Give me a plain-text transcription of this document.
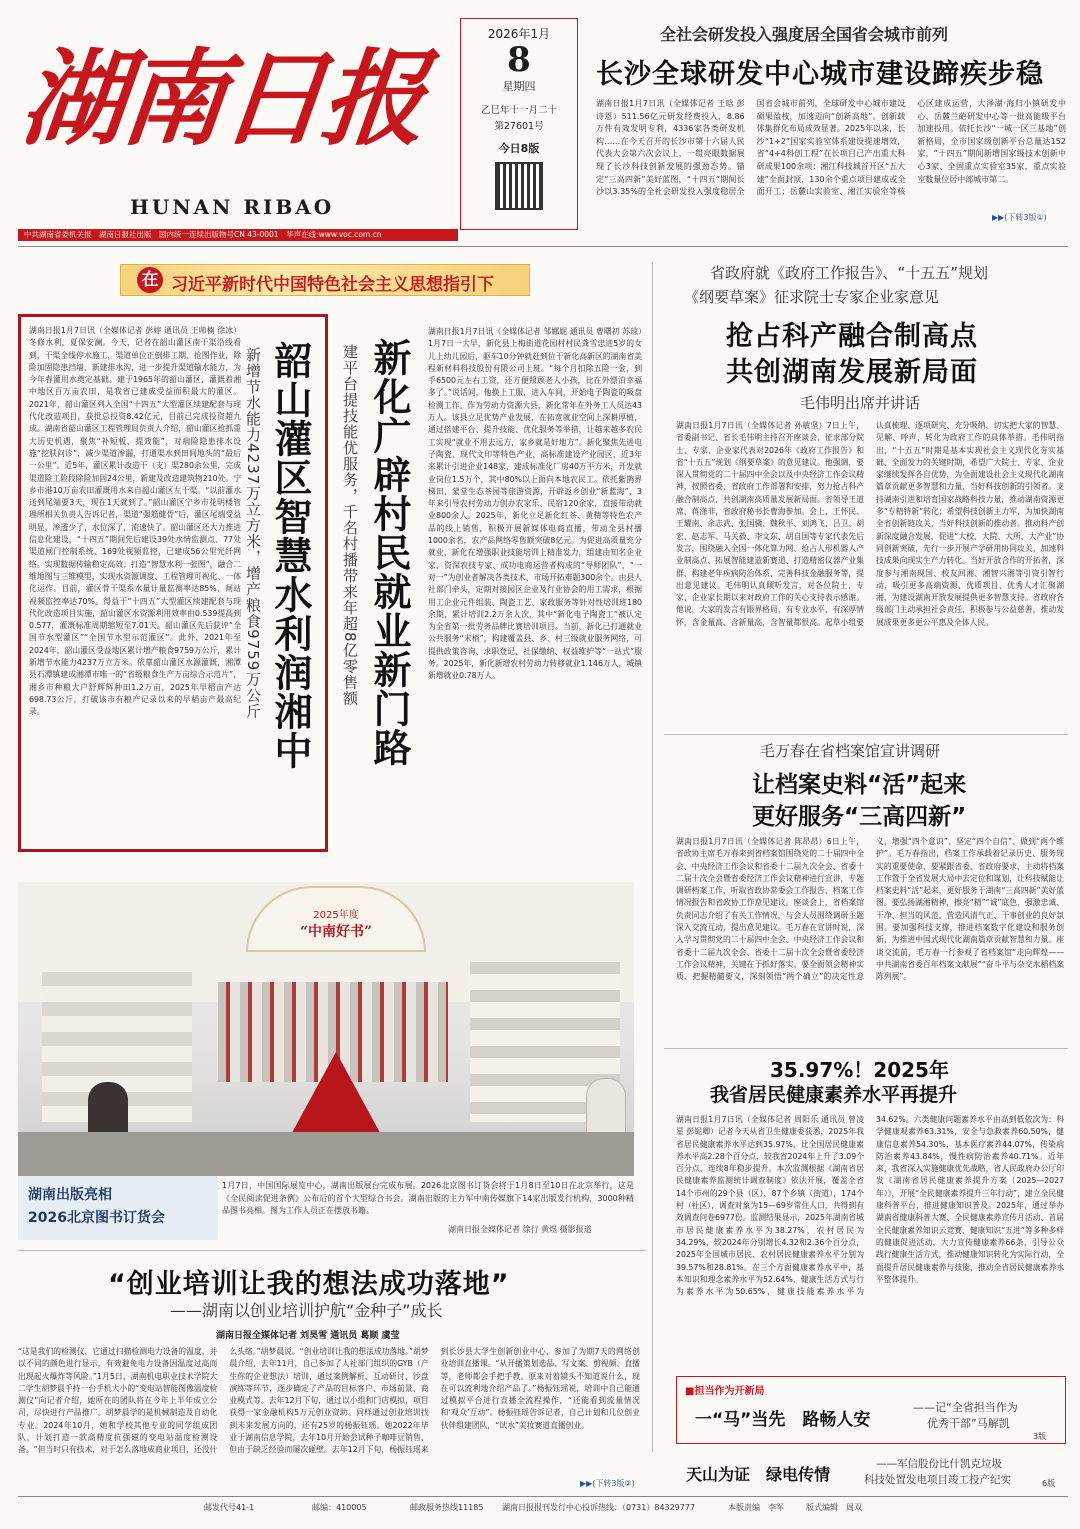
湖南日报
HUNAN RIBAO
2026年1月
8
星期四
乙巳年十一月二十
第27601号
今日8版
中共湖南省委机关报　湖南日报社出版　国内统一连续出版物号CN 43-0001　华声在线:www.voc.com.cn
全社会研发投入强度居全国省会城市前列
长沙全球研发中心城市建设蹄疾步稳
湖南日报1月7日讯（全媒体记者 王晗 彭诗恩）511.56亿元研发经费投入，8.86万件有效发明专利，4336家各类研发机构……在今天召开的长沙市第十六届人民代表大会第六次会议上，一组亮眼数据展现了长沙科技创新发展的强劲态势。锚定“三高四新”美好蓝图，“十四五”期间长沙以3.35%的全社会研发投入强度稳居全国省会城市前列，全球研发中心城市建设硕果盈枝，加速迈向“创新高地”。创新载体集群化布局成效显著。2025年以来，长沙“1+2”国家实验室体系建设提速增效，省“4+4科创工程”在长项目已产出重大科研成果100余项；湘江科技城首开区“五大建”全面封顶，130余个重点项目建成或全面开工；岳麓山实验室、湘江实验室等核心区建成运营，大泽湖·海归小镇研发中心、岳麓兰葩研发中心等一批高能级平台加速投用。依托长沙“一城一区三基地”创新格局，全市国家级创新平台总量达152家，“十四五”期间新增国家级技术创新中心3家、全国重点实验室35家，重点实验室数量位居中部城市第二。
▶▶(下转3版①)
在 习近平新时代中国特色社会主义思想指引下
湖南日报1月7日讯（全媒体记者 彭婷 通讯员 王帅楠 徐冰）冬修水利，夏保安澜。今天，记者在韶山灌区南干渠沿线看到，干渠全线停水施工，渠道单位正倒排工期、抢图作业，除险加固隐患挡墙、新建排水沟，进一步提升渠道输水能力，为今年春灌用水奠定基础。建于1965年的韶山灌区，灌溉着湘中地区百万亩农田，是我省已建成受益面积最大的灌区。2021年，韶山灌区列入全国“十四五”大型灌区续建配套与现代化改造项目，获批总投资8.42亿元，目前已完成投资超九成。湖南省韶山灌区工程管理局负责人介绍，韶山灌区抢抓重大历史机遇，聚焦“补短板、提效能”，对病险隐患排水设施“挖肤问诊”，减少渠道渗漏，打通渠水到田间地头的“最后一公里”。近5年，灌区累计改造干（支）渠280余公里，完成渠道险工险段除险加固24公里，新建及改造建筑物210处。宁乡市港10万亩农田灌溉用水来自韶山灌区左干渠。“以前灌水送到尾端要3天，现在1天就到了。”韶山灌区宁乡市花明楼管理所相关负责人告诉记者，渠道“强筋健骨”后，灌区尾端受益明显，渗透少了，水位深了，流速快了。韶山灌区还大力推进信息化建设，“十四五”期间先后建设39处水情监测点、77处渠道闸门控制系统、169处视频监控，已建成56公里光纤网络。实现数据传输稳定高效；打造“智慧水利一张图”，融合二维地图与三维模型，实现水资源调度、工程管理可视化、一体化运作。目前，灌区骨干渠系水量计量监测率达85%，闸站视频监控率达70%。得益于“十四五”大型灌区续建配套与现代化改造项目实施，韶山灌区水资源利用效率由0.539提高到0.577，灌溉标准周期缩短至7.01天。韶山灌区先后获评“全国节水型灌区”“全国节水型示范灌区”。此外，2021年至2024年，韶山灌区受益地区累计增产粮食9759万公斤，累计新增节水能力4237万立方米。依靠韶山灌区水源灌溉，湘潭县石潭镇建成湘潭市唯一的“省级粮食生产万亩综合示范片”，湘乡市种粮大户舒辉辉种田1.2万亩，2025年早稻亩产达698.73公斤，打破该市有粮产记录以来的早稻亩产最高纪录。	新增节水能力4237万立方米，增产粮食9759万公斤 韶山灌区智慧水利润湘中 建平台提技能优服务，千名村播带来年超8亿零售额 新化广辟村民就业新门路
湖南日报1月7日讯（全媒体记者 邹娜妮 通讯员 曹曙初 苏琼）1月7日一大早，新化县上梅街道花园村村民龚雪忠进5岁的女儿上幼儿园后，驱车10分钟就赶到位于新化高新区的湖南省美程新材料科技股份有限公司上班。“每个月扣除五险一金，到手6500元左右工资，还方便照顾老人小孩，比在外漂泊幸福多了。”说话间，他换上工服，进入车间，开始电子陶瓷的吸盘检测工作。作为劳动力资源大县，新化常年在外务工人员达43万人。该县立足优势产业发展，在拓宽就业空间上深耕厚植，通过搭建平台、提升技能、优化服务等举措，让越来越多农民工实现“就业不用去远方，家乡就是好地方”。新化聚焦先进电子陶瓷、现代文印等特色产业，高标准建设产业园区，近3年来累计引进企业148家，建成标准化厂房40万平方米，开发就业岗位1.5万个，其中80%以上面向本地农民工。依托紫鹊界梯田、蒙堂生态茶园等旅游资源，开辟返乡创业“新蓝海”，3年来引导农村劳动力创办农家乐、民宿120余家，直接带动就业800余人。2025年，新化立足新化红茶、黄精等特色农产品的线上销售，积极开展新媒体电商直播，带动全县村播1000余名，农产品网络零售额突破8亿元。为促进高质量充分就业，新化在增强职业技能培训上精准发力，组建由知名企业家、资深农技专家、成功电商运营者构成的“导师团队”，“一对一”为创业者解决各类技术、市场开拓难题300余个。由县人社部门牵头，定期对接园区企业及行业协会的用工需求，根据用工企业元件组装、陶瓷工艺、家政服务等针对性培训班180余期，累计培训2.2万余人次，其中“新化电子陶瓷工”被认定为全省第一批劳务品牌比赛培训项目。当前，新化已打通就业公共服务“末梢”，构建覆盖县、乡、村三级就业服务网络，可提供政策咨询、求职登记、社保缴纳、权益维护等“一站式”服务。2025年，新化新增农村劳动力转移就业1.146万人，城镇新增就业0.78万人。
2025年度
“中南好书”
湖南出版亮相
2026北京图书订货会
1月7日，中国国际展览中心，湖南出版展台完成布展。2026北京图书订货会将于1月8日至10日在北京举行，这是《全民阅读促进条例》公布后的首个大型综合书会。湖南出版的主力军中南传媒旗下14家出版发行机构，3000种精品图书亮相。图为工作人员正在摆放书籍。
湖南日报全媒体记者 徐行 黄煜 摄影报道
“创业培训让我的想法成功落地”
——湖南以创业培训护航“金种子”成长
湖南日报全媒体记者 刘昊雪 通讯员 葛顺 虞莹
“这是我们的检测仪，它通过扫描检测电力设备的温度，并以不同的颜色进行显示，有效避免电力设备因温度过高而出现起火爆炸等风险。”1月5日，湖南机电职业技术学院大二学生胡梦晨手持一台手机大小的“变电站智能图像温度检测仪”向记者介绍，她所在的团队将在今年上半年成立公司，尽快进行产品推广。胡梦晨学的是机械制造及自动化专业。2024年10月，她和学校其他专业的同学组成团队，计划打造一款高精度抗强磁的变电站温度检测设备。“但当时只有技术，对于怎么落地成商业项目，还没什么头绪。”胡梦晨说。“创业培训让我的想法成功落地。”胡梦晨介绍，去年11月，自己参加了人社部门组织的GYB（产生你的企业想法）培训，通过案例解析、互动研讨、沙盘演练等环节，逐步确定了产品的目标客户、市场前景、商业模式等。去年12月下旬，通过以小组和门店模拟，项目获得一家金融机构5万元创业资助。同样通过创业培训找到未来发展方向的，还有25岁的杨振钰瑶。她2022年毕业于湖南信息学院，去年10月开始尝试种子咖啡豆销售，但由于缺乏经验而屡次碰壁。去年12月下旬，杨振钰瑶来到长沙县大学生创新创业中心，参加了为期7天的网络创业培训直播课。“从开播策划选品、写文案、剪视频、直播等，老师都会手把手教。原来对着镜头不知道说什么，现在可以流利地介绍产品了。”杨振钰瑶说，培训中自己能通过模拟平台进行直播全流程操作，“还能看到流量情况和‘观众’互动”。杨振钰瑶告诉记者，自己计划和几位创业伙伴组建团队，“试水”美妆赛道直播创业。
▶▶(下转3版②)
省政府就《政府工作报告》、“十五五”规划
《纲要草案》征求院士专家企业家意见
抢占科产融合制高点
共创湖南发展新局面
毛伟明出席并讲话
湖南日报1月7日讯（全媒体记者 孙敏坚）7日上午，省委副书记、省长毛伟明主持召开座谈会，征求部分院士、专家、企业家代表对2026年《政府工作报告》和省“十五五”规划《纲要草案》的意见建议。他强调，要深入贯彻党的二十届四中全会以及中央经济工作会议精神，按照省委、省政府工作部署和安排，努力抢占科产融合制高点，共创湖南高质量发展新局面。省领导王道席、蒋涤非，省政府秘书长曹海参加。会上，王怀民、王耀南、余志武、张国骥、魏秋平、刘鸿飞、吕卫、胡宏、赵志军、马关毅、李文东、胡自国等专家代表先后发言，围绕融入全国一体化算力网、抢占人形机器人产业制高点、拓展智能建造新赛道、打造精密仪器产业集群、构建老年疾病防治体系、完善科技金融服务等，提出意见建议。毛伟明认真倾听发言，对各位院士、专家、企业家长期以来对政府工作的关心支持表示感谢。他说，大家的发言有眼界格局，有专业水平，有深厚情怀，含金量高、含新量高，含智量都很高。起草小组要认真梳理、逐项研究、充分吸纳，切实把大家的智慧、见解、呼声，转化为政府工作的具体举措。毛伟明指出，“十五五”时期是基本实现社会主义现代化夯实基础、全面发力的关键时期，希望广大院士、专家、企业家继续发挥各自优势，为全面建设社会主义现代化湖南篇章贡献更多智慧和力量，当好科技创新的引领者。支持湖南引进和培育国家战略科技力量，推动湖南资源更多“专精特新”转化；希望科技创新主力军，为加快湖南全省创新链攻关，当好科技创新的推动者。推动科产创新深度融合发展，促进“大校、大院、大所、大产业”协同创新突破，先行一步开展产学研用协同攻关，加速科技成果向现实生产力转化。当好开放合作的开拓者，深度参与湘南现国、校友回湘、湘智兴湘等引资引智行动，吸引更多高端资源、优质项目、优秀人才汇聚湖湘，为建设湖南开放发展提供更多智慧支持。省政府各级部门主动承担社会责任，积极参与公益慈善，推动发展成果更多更公平惠及全体人民。
毛万春在省档案馆宣讲调研
让档案史料“活”起来
更好服务“三高四新”
湖南日报1月7日讯（全媒体记者 陈昂昂）6日上午，省政协主席毛万春来到省档案馆围绕党的二十届四中全会、中央经济工作会议和省委十二届九次全会、省委十二届十次全会暨省委经济工作会议精神进行宣讲，专题调研档案工作，听取省政协常委会工作报告、档案工作情况报告和省政协工作意见建议。座谈会上，省档案馆负责同志介绍了有关工作情况，与会人员围绕调研主题深入交流互动，提出意见建议。毛万春在宣讲时说，深入学习贯彻党的二十届四中全会、中央经济工作会议和省委十二届九次全会、省委十二届十次全会暨省委经济工作会议精神，关键在于抓好落实。要全面领会精神实质、把握精髓要义，深刻领悟“两个确立”的决定性意义，增强“四个意识”、坚定“四个自信”、做到“两个维护”。毛万春指出，档案工作承载着记录历史、服务现实的重要使命，要紧跟省委、省政府要求，主动将档案工作置于全省发展大局中去定位和谋划，让科技赋能让档案史料“活”起来，更好服务于湖南“三高四新”美好蓝图。要弘扬湖湘精神，擦亮“精”“诚”底色，强激忠诚、干净、担当的风范，营造风清气正、干事创业的良好氛围。要加强科技支撑，推进档案数字化建设和服务创新，为推进中国式现代化湖南篇章贡献智慧和力量。座谈交流前，毛万春一行参观了省档案馆“走向辉煌——中共湖南省委百年档案文献展”“奋斗平与杂交水稻档案陈列展”。
35.97%！2025年
我省居民健康素养水平再提升
湖南日报1月7日讯（全媒体记者 周阳乐 通讯员 曾凌星 彭铌卿）记者今天从省卫生健康委获悉，2025年我省居民健康素养水平达到35.97%，比全国居民健康素养水平高2.28个百分点，较我省2024年上升了3.09个百分点，连续8年稳步提升。本次监测根据《湖南省居民健康素养监测统计调查制度》依法开展，覆盖全省14个市州的29个县（区），87个乡镇（街道），174个村（社区），调查对象为15—69岁常住人口，共得到有效调查问卷6977份。监测结果显示，2025年湖南省城市居民健康素养水平为38.27%，农村居民为34.29%，较2024年分别增长4.32和2.36个百分点，2025年全国城市居民、农村居民健康素养水平分别为39.57%和28.81%。在三个方面健康素养水平中，基本知识和理念素养水平为52.64%，健康生活方式与行为素养水平为50.65%，健康技能素养水平为34.62%。六类健康问题素养水平由高到低依次为：科学健康观素养63.31%，安全与急救素养60.50%，健康信息素养54.30%，基本医疗素养44.07%，传染病防治素养43.84%，慢性病防治素养40.71%。近年来，我省深入实施健康优先战略，省人民政府办公厅印发《湖南省居民健康素养提升方案（2025—2027年）》，开展“全民健康素养提升三年行动”，建立全民健康科普平台，推进健康知识普及。2025年，通过举办湖南省健康科普大赛、全民健康素养宣传月活动、首届全民健康素养知识云竞赛、健康知识“五进”等多种多样的健康促进活动，大力宣传健康素养66条，引导公众践行健康生活方式，推动健康知识转化为实际行动，全面提升居民健康素养与技能，推动全省居民健康素养水平整体提升。
■担当作为开新局
一“马”当先　路畅人安
——记“全省担当作为
优秀干部”马解凯
3版
天山为证　绿电传情
——军信股份比什凯克垃圾
科技处置发电项目竣工投产纪实	6版
邮发代号41-1	邮编：410005	邮政服务热线11185 湖南日报报刊发行中心投诉热线：（0731）84329777	本版责编　李军	版式编辑　周双
